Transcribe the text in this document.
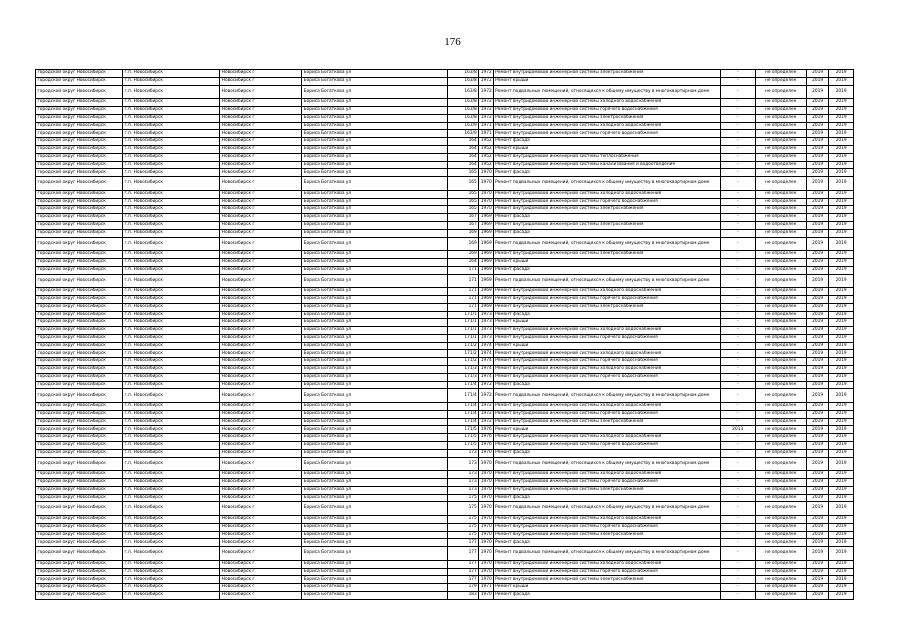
176
городской округ Новосибирск	г.п. Новосибирск	Новосибирск г	Бориса Богаткова ул	163/8	1972	Ремонт внутридомовой инженерной системы электроснабжения	-	не определен	2019	2019
городской округ Новосибирск	г.п. Новосибирск	Новосибирск г	Бориса Богаткова ул	163/8	1972	Ремонт крыши	-	не определен	2019	2019
городской округ Новосибирск	г.п. Новосибирск	Новосибирск г	Бориса Богаткова ул	163/8	1972	Ремонт подвальных помещений, относящихся к общему имуществу в многоквартирном доме	-	не определен	2019	2019
городской округ Новосибирск	г.п. Новосибирск	Новосибирск г	Бориса Богаткова ул	163/8	1972	Ремонт внутридомовой инженерной системы холодного водоснабжения	-	не определен	2019	2019
городской округ Новосибирск	г.п. Новосибирск	Новосибирск г	Бориса Богаткова ул	163/8	1972	Ремонт внутридомовой инженерной системы горячего водоснабжения	-	не определен	2019	2019
городской округ Новосибирск	г.п. Новосибирск	Новосибирск г	Бориса Богаткова ул	163/8	1972	Ремонт внутридомовой инженерной системы электроснабжения	-	не определен	2019	2019
городской округ Новосибирск	г.п. Новосибирск	Новосибирск г	Бориса Богаткова ул	163/9	1971	Ремонт внутридомовой инженерной системы холодного водоснабжения	-	не определен	2019	2019
городской округ Новосибирск	г.п. Новосибирск	Новосибирск г	Бориса Богаткова ул	163/9	1971	Ремонт внутридомовой инженерной системы горячего водоснабжения	-	не определен	2019	2019
городской округ Новосибирск	г.п. Новосибирск	Новосибирск г	Бориса Богаткова ул	164	1952	Ремонт фасада	-	не определен	2019	2019
городской округ Новосибирск	г.п. Новосибирск	Новосибирск г	Бориса Богаткова ул	164	1952	Ремонт крыши	-	не определен	2019	2019
городской округ Новосибирск	г.п. Новосибирск	Новосибирск г	Бориса Богаткова ул	164	1952	Ремонт внутридомовой инженерной системы теплоснабжения	-	не определен	2019	2019
городской округ Новосибирск	г.п. Новосибирск	Новосибирск г	Бориса Богаткова ул	164	1952	Ремонт внутридомовой инженерной системы канализования и водоотведения	-	не определен	2019	2019
городской округ Новосибирск	г.п. Новосибирск	Новосибирск г	Бориса Богаткова ул	165	1970	Ремонт фасада	-	не определен	2019	2019
городской округ Новосибирск	г.п. Новосибирск	Новосибирск г	Бориса Богаткова ул	165	1970	Ремонт подвальных помещений, относящихся к общему имуществу в многоквартирном доме	-	не определен	2019	2019
городской округ Новосибирск	г.п. Новосибирск	Новосибирск г	Бориса Богаткова ул	165	1970	Ремонт внутридомовой инженерной системы холодного водоснабжения	-	не определен	2019	2019
городской округ Новосибирск	г.п. Новосибирск	Новосибирск г	Бориса Богаткова ул	165	1970	Ремонт внутридомовой инженерной системы горячего водоснабжения	-	не определен	2019	2019
городской округ Новосибирск	г.п. Новосибирск	Новосибирск г	Бориса Богаткова ул	165	1970	Ремонт внутридомовой инженерной системы электроснабжения	-	не определен	2019	2019
городской округ Новосибирск	г.п. Новосибирск	Новосибирск г	Бориса Богаткова ул	167	1969	Ремонт фасада	-	не определен	2019	2019
городской округ Новосибирск	г.п. Новосибирск	Новосибирск г	Бориса Богаткова ул	167	1969	Ремонт внутридомовой инженерной системы электроснабжения	-	не определен	2019	2019
городской округ Новосибирск	г.п. Новосибирск	Новосибирск г	Бориса Богаткова ул	169	1969	Ремонт фасада	-	не определен	2019	2019
городской округ Новосибирск	г.п. Новосибирск	Новосибирск г	Бориса Богаткова ул	169	1969	Ремонт подвальных помещений, относящихся к общему имуществу в многоквартирном доме	-	не определен	2019	2019
городской округ Новосибирск	г.п. Новосибирск	Новосибирск г	Бориса Богаткова ул	169	1969	Ремонт внутридомовой инженерной системы электроснабжения	-	не определен	2019	2019
городской округ Новосибирск	г.п. Новосибирск	Новосибирск г	Бориса Богаткова ул	164	1969	Ремонт крыши	-	не определен	2019	2019
городской округ Новосибирск	г.п. Новосибирск	Новосибирск г	Бориса Богаткова ул	171	1969	Ремонт фасада	-	не определен	2019	2019
городской округ Новосибирск	г.п. Новосибирск	Новосибирск г	Бориса Богаткова ул	171	1969	Ремонт подвальных помещений, относящихся к общему имуществу в многоквартирном доме	-	не определен	2019	2019
городской округ Новосибирск	г.п. Новосибирск	Новосибирск г	Бориса Богаткова ул	171	1969	Ремонт внутридомовой инженерной системы холодного водоснабжения	-	не определен	2019	2019
городской округ Новосибирск	г.п. Новосибирск	Новосибирск г	Бориса Богаткова ул	171	1969	Ремонт внутридомовой инженерной системы горячего водоснабжения	-	не определен	2019	2019
городской округ Новосибирск	г.п. Новосибирск	Новосибирск г	Бориса Богаткова ул	171	1969	Ремонт внутридомовой инженерной системы электроснабжения	-	не определен	2019	2019
городской округ Новосибирск	г.п. Новосибирск	Новосибирск г	Бориса Богаткова ул	171/1	1973	Ремонт фасада	-	не определен	2019	2019
городской округ Новосибирск	г.п. Новосибирск	Новосибирск г	Бориса Богаткова ул	171/1	1973	Ремонт крыши	-	не определен	2019	2019
городской округ Новосибирск	г.п. Новосибирск	Новосибирск г	Бориса Богаткова ул	171/1	1973	Ремонт внутридомовой инженерной системы холодного водоснабжения	-	не определен	2019	2019
городской округ Новосибирск	г.п. Новосибирск	Новосибирск г	Бориса Богаткова ул	171/1	1973	Ремонт внутридомовой инженерной системы горячего водоснабжения	-	не определен	2019	2019
городской округ Новосибирск	г.п. Новосибирск	Новосибирск г	Бориса Богаткова ул	171/2	1974	Ремонт крыши	-	не определен	2019	2019
городской округ Новосибирск	г.п. Новосибирск	Новосибирск г	Бориса Богаткова ул	171/2	1974	Ремонт внутридомовой инженерной системы холодного водоснабжения	-	не определен	2019	2019
городской округ Новосибирск	г.п. Новосибирск	Новосибирск г	Бориса Богаткова ул	171/2	1974	Ремонт внутридомовой инженерной системы горячего водоснабжения	-	не определен	2019	2019
городской округ Новосибирск	г.п. Новосибирск	Новосибирск г	Бориса Богаткова ул	171/3	1974	Ремонт внутридомовой инженерной системы холодного водоснабжения	-	не определен	2019	2019
городской округ Новосибирск	г.п. Новосибирск	Новосибирск г	Бориса Богаткова ул	171/3	1974	Ремонт внутридомовой инженерной системы горячего водоснабжения	-	не определен	2019	2019
городской округ Новосибирск	г.п. Новосибирск	Новосибирск г	Бориса Богаткова ул	171/4	1972	Ремонт фасада	-	не определен	2019	2019
городской округ Новосибирск	г.п. Новосибирск	Новосибирск г	Бориса Богаткова ул	171/4	1972	Ремонт подвальных помещений, относящихся к общему имуществу в многоквартирном доме	-	не определен	2019	2019
городской округ Новосибирск	г.п. Новосибирск	Новосибирск г	Бориса Богаткова ул	171/4	1972	Ремонт внутридомовой инженерной системы холодного водоснабжения	-	не определен	2019	2019
городской округ Новосибирск	г.п. Новосибирск	Новосибирск г	Бориса Богаткова ул	171/4	1972	Ремонт внутридомовой инженерной системы горячего водоснабжения	-	не определен	2019	2019
городской округ Новосибирск	г.п. Новосибирск	Новосибирск г	Бориса Богаткова ул	171/4	1972	Ремонт внутридомовой инженерной системы электроснабжения	-	не определен	2019	2019
городской округ Новосибирск	г.п. Новосибирск	Новосибирск г	Бориса Богаткова ул	171/5	1976	Ремонт крыши	2013	не определен	2019	2019
городской округ Новосибирск	г.п. Новосибирск	Новосибирск г	Бориса Богаткова ул	171/5	1976	Ремонт внутридомовой инженерной системы холодного водоснабжения	-	не определен	2019	2019
городской округ Новосибирск	г.п. Новосибирск	Новосибирск г	Бориса Богаткова ул	171/5	1976	Ремонт внутридомовой инженерной системы горячего водоснабжения	-	не определен	2019	2019
городской округ Новосибирск	г.п. Новосибирск	Новосибирск г	Бориса Богаткова ул	173	1970	Ремонт фасада	-	не определен	2019	2019
городской округ Новосибирск	г.п. Новосибирск	Новосибирск г	Бориса Богаткова ул	173	1970	Ремонт подвальных помещений, относящихся к общему имуществу в многоквартирном доме	-	не определен	2019	2019
городской округ Новосибирск	г.п. Новосибирск	Новосибирск г	Бориса Богаткова ул	173	1970	Ремонт внутридомовой инженерной системы холодного водоснабжения	-	не определен	2019	2019
городской округ Новосибирск	г.п. Новосибирск	Новосибирск г	Бориса Богаткова ул	173	1970	Ремонт внутридомовой инженерной системы горячего водоснабжения	-	не определен	2019	2019
городской округ Новосибирск	г.п. Новосибирск	Новосибирск г	Бориса Богаткова ул	173	1970	Ремонт внутридомовой инженерной системы электроснабжения	-	не определен	2019	2019
городской округ Новосибирск	г.п. Новосибирск	Новосибирск г	Бориса Богаткова ул	175	1970	Ремонт фасада	-	не определен	2019	2019
городской округ Новосибирск	г.п. Новосибирск	Новосибирск г	Бориса Богаткова ул	175	1970	Ремонт подвальных помещений, относящихся к общему имуществу в многоквартирном доме	-	не определен	2019	2019
городской округ Новосибирск	г.п. Новосибирск	Новосибирск г	Бориса Богаткова ул	175	1970	Ремонт внутридомовой инженерной системы холодного водоснабжения	-	не определен	2019	2019
городской округ Новосибирск	г.п. Новосибирск	Новосибирск г	Бориса Богаткова ул	175	1970	Ремонт внутридомовой инженерной системы горячего водоснабжения	-	не определен	2019	2019
городской округ Новосибирск	г.п. Новосибирск	Новосибирск г	Бориса Богаткова ул	175	1970	Ремонт внутридомовой инженерной системы электроснабжения	-	не определен	2019	2019
городской округ Новосибирск	г.п. Новосибирск	Новосибирск г	Бориса Богаткова ул	177	1970	Ремонт фасада	-	не определен	2019	2019
городской округ Новосибирск	г.п. Новосибирск	Новосибирск г	Бориса Богаткова ул	177	1970	Ремонт подвальных помещений, относящихся к общему имуществу в многоквартирном доме	-	не определен	2019	2019
городской округ Новосибирск	г.п. Новосибирск	Новосибирск г	Бориса Богаткова ул	177	1970	Ремонт внутридомовой инженерной системы холодного водоснабжения	-	не определен	2019	2019
городской округ Новосибирск	г.п. Новосибирск	Новосибирск г	Бориса Богаткова ул	177	1970	Ремонт внутридомовой инженерной системы горячего водоснабжения	-	не определен	2019	2019
городской округ Новосибирск	г.п. Новосибирск	Новосибирск г	Бориса Богаткова ул	177	1970	Ремонт внутридомовой инженерной системы электроснабжения	-	не определен	2019	2019
городской округ Новосибирск	г.п. Новосибирск	Новосибирск г	Бориса Богаткова ул	179	1971	Ремонт крыши	-	не определен	2019	2019
городской округ Новосибирск	г.п. Новосибирск	Новосибирск г	Бориса Богаткова ул	183	1970	Ремонт фасада	-	не определен	2019	2019
